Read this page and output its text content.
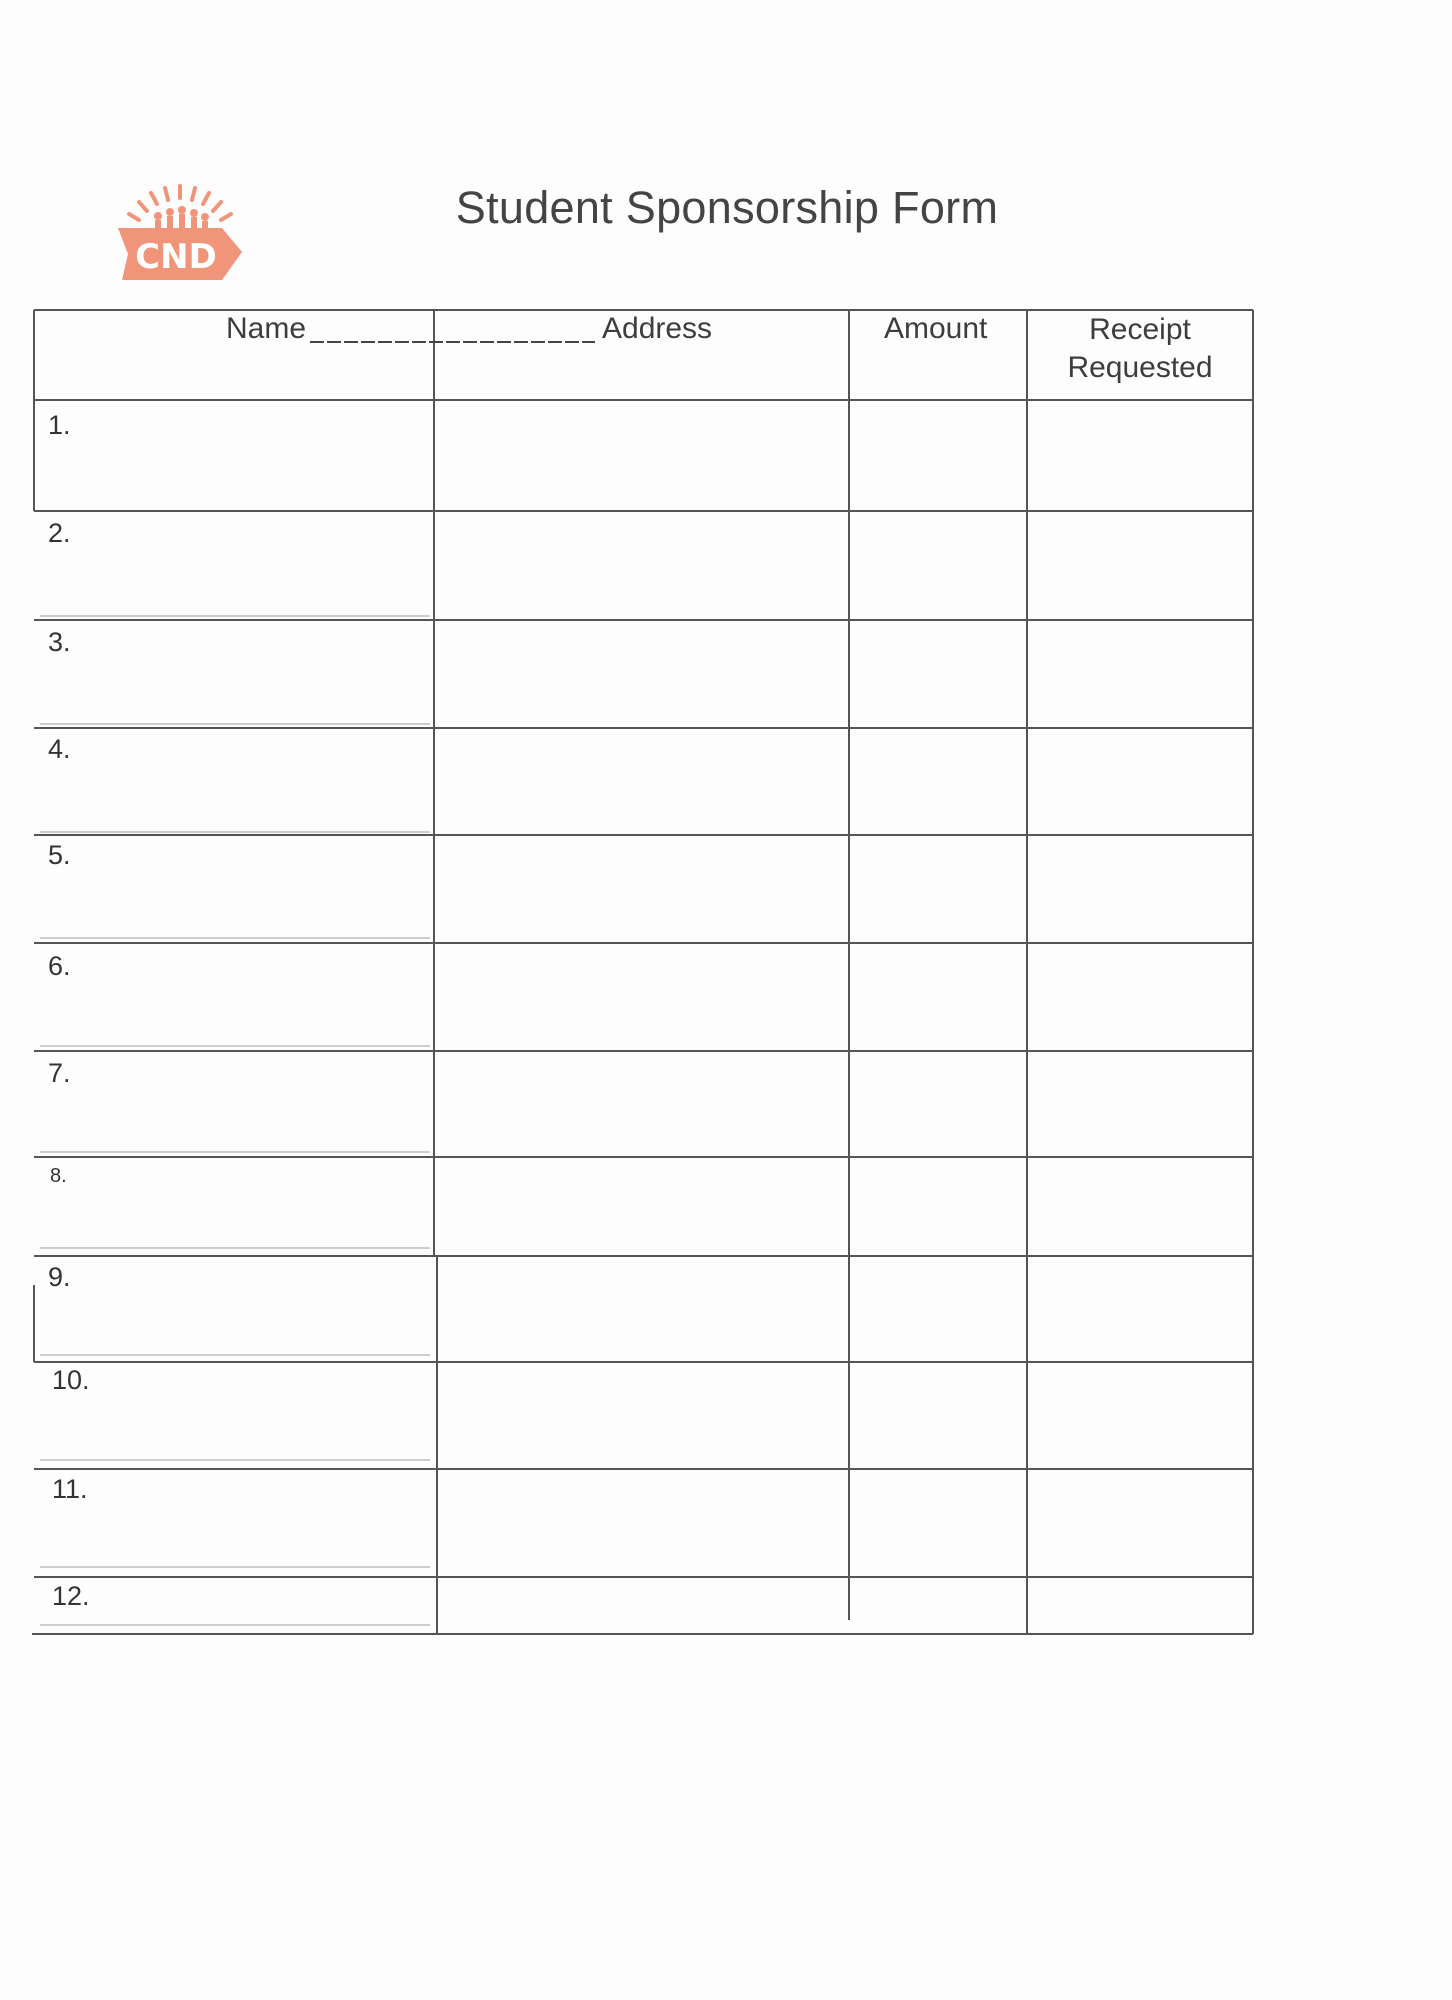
CND
Student Sponsorship Form
Name	Address	Amount	Receipt
Requested
1.
2.
3.
4.
5.
6.
7.
8.
9.
10.
11.
12.
